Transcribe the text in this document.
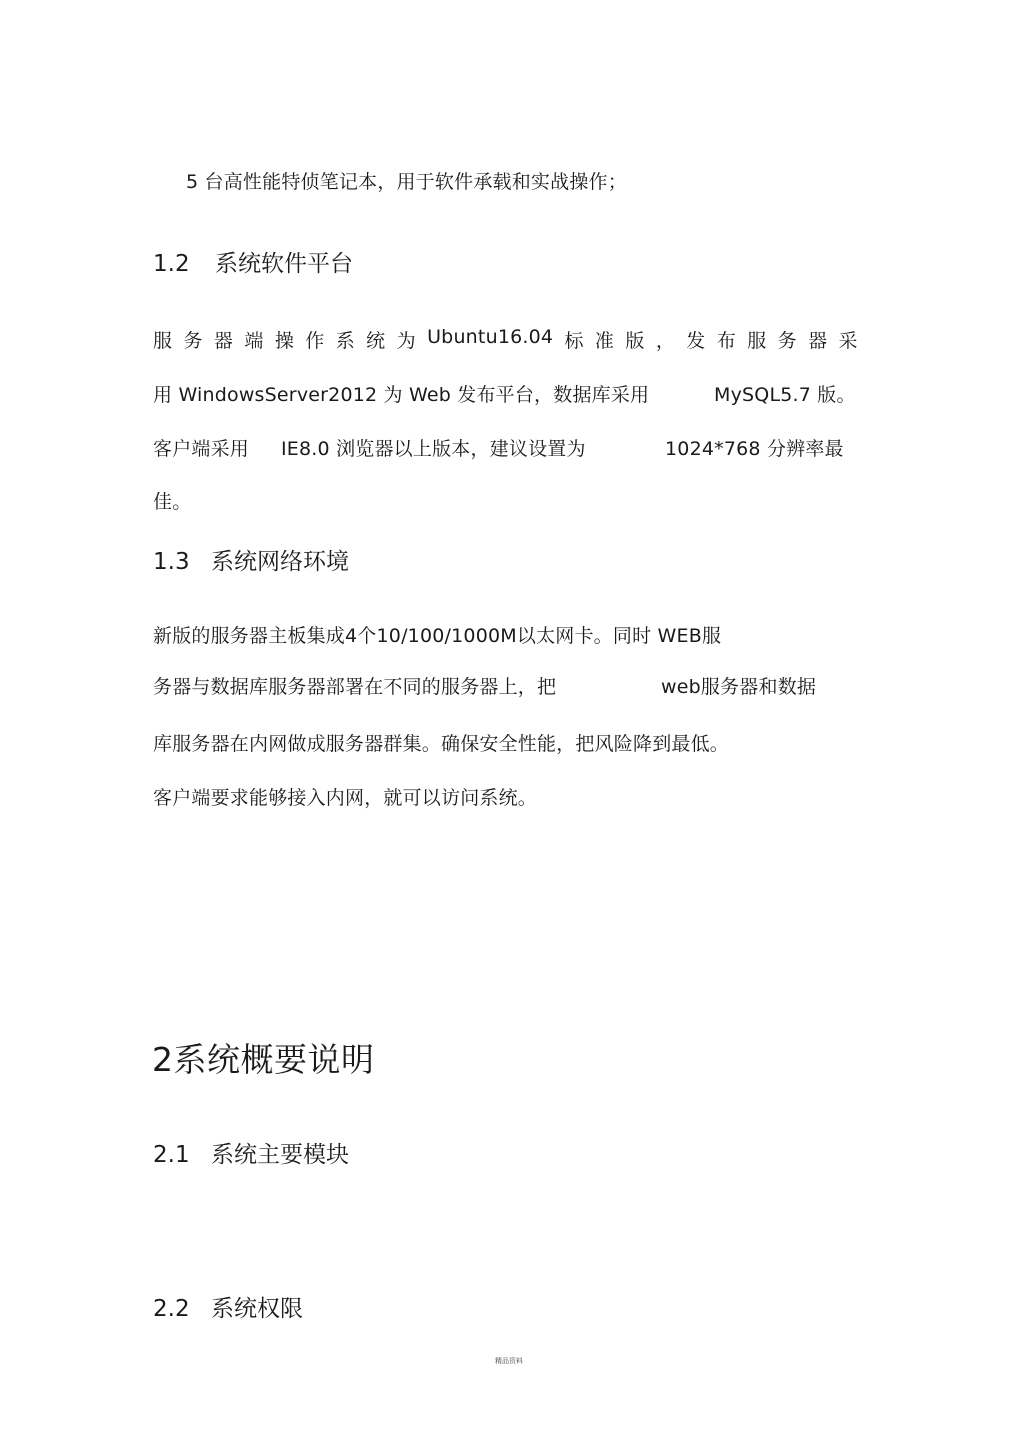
5 台高性能特侦笔记本，用于软件承载和实战操作；

1.2 系统软件平台
服 务 器 端 操 作 系 统 为 Ubuntu16.04 标 准 版 ， 发 布 服 务 器 采
用 WindowsServer2012 为 Web 发布平台，数据库采用	MySQL5.7 版。
客户端采用 IE8.0 浏览器以上版本，建议设置为	1024*768 分辨率最
佳。
1.3 系统网络环境
新版的服务器主板集成4个10/100/1000M以太网卡。同时 WEB服
务器与数据库服务器部署在不同的服务器上，把	web服务器和数据
库服务器在内网做成服务器群集。确保安全性能，把风险降到最低。
客户端要求能够接入内网，就可以访问系统。
2系统概要说明
2.1 系统主要模块
2.2 系统权限
精品资料
